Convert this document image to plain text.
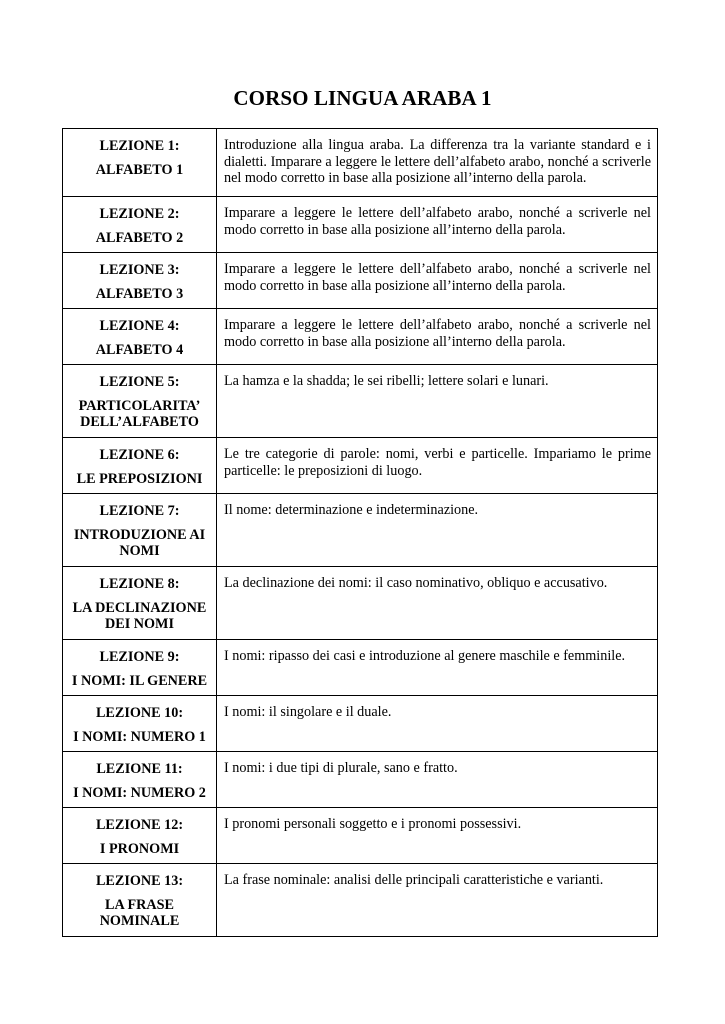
CORSO LINGUA ARABA 1
LEZIONE 1:
ALFABETO 1	Introduzione alla lingua araba. La differenza tra la variante standard e i dialetti. Imparare a leggere le lettere dell’alfabeto arabo, nonché a scriverle nel modo corretto in base alla posizione all’interno della parola.

LEZIONE 2:
ALFABETO 2	Imparare a leggere le lettere dell’alfabeto arabo, nonché a scriverle nel modo corretto in base alla posizione all’interno della parola.

LEZIONE 3:
ALFABETO 3	Imparare a leggere le lettere dell’alfabeto arabo, nonché a scriverle nel modo corretto in base alla posizione all’interno della parola.

LEZIONE 4:
ALFABETO 4	Imparare a leggere le lettere dell’alfabeto arabo, nonché a scriverle nel modo corretto in base alla posizione all’interno della parola.

LEZIONE 5:
PARTICOLARITA’ DELL’ALFABETO	La hamza e la shadda; le sei ribelli; lettere solari e lunari.

LEZIONE 6:
LE PREPOSIZIONI	Le tre categorie di parole: nomi, verbi e particelle. Impariamo le prime particelle: le preposizioni di luogo.

LEZIONE 7:
INTRODUZIONE AI NOMI	Il nome: determinazione e indeterminazione.

LEZIONE 8:
LA DECLINAZIONE DEI NOMI	La declinazione dei nomi: il caso nominativo, obliquo e accusativo.

LEZIONE 9:
I NOMI: IL GENERE	I nomi: ripasso dei casi e introduzione al genere maschile e femminile.

LEZIONE 10:
I NOMI: NUMERO 1	I nomi: il singolare e il duale.

LEZIONE 11:
I NOMI: NUMERO 2	I nomi: i due tipi di plurale, sano e fratto.

LEZIONE 12:
I PRONOMI	I pronomi personali soggetto e i pronomi possessivi.

LEZIONE 13:
LA FRASE NOMINALE	La frase nominale: analisi delle principali caratteristiche e varianti.
